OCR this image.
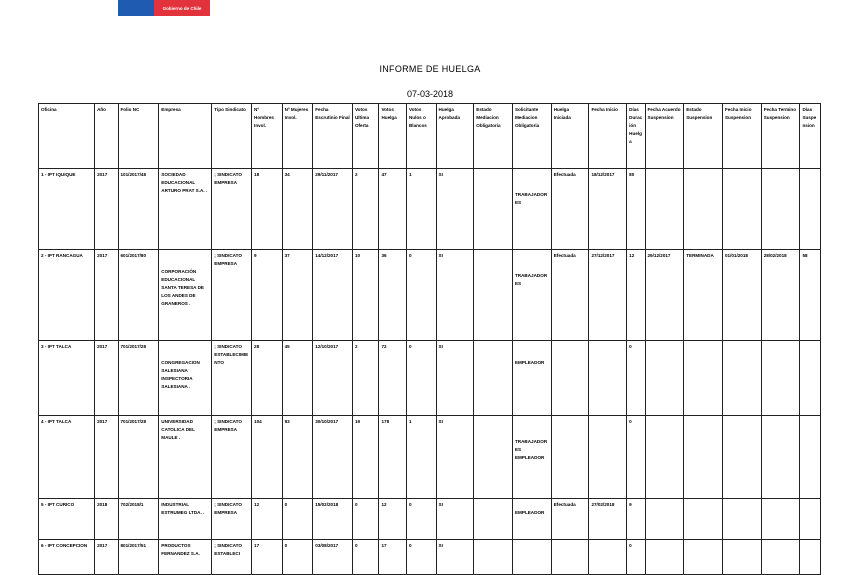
Gobierno de Chile
INFORME DE HUELGA
07-03-2018
Oficina	Año	Folio NC	Empresa	Tipo Sindicato	Nº Hombres Invol.	Nº Mujeres Invol.	Fecha Escrutinio Final	Votos Ultima Oferta	Votos Huelga	Votos Nulos o Blancos	Huelga Aprobada	Estado Mediacion Obligatoria	Solicitante Mediacion Obligatoria	Huelga Iniciada	Fecha Inicio	Días Duración Huelga	Fecha Acuerdo Suspension	Estado Suspension	Fecha Inicio Suspension	Fecha Termino Suspension	Días Suspension
1 - IPT IQUIQUE	2017	101/2017/48	SOCIEDAD EDUCACIONAL ARTURO PRAT S.A. .	; SINDICATO EMPRESA	18	34	29/11/2017	2	47	1	SI		TRABAJADORES	Efectuada	18/12/2017	80					
2 - IPT RANCAGUA	2017	601/2017/80	CORPORACIÓN EDUCACIONAL SANTA TERESA DE LOS ANDES DE GRANEROS .	; SINDICATO EMPRESA	9	37	14/12/2017	10	36	0	SI		TRABAJADORES	Efectuada	27/12/2017	12	29/12/2017	TERMINADA	01/01/2018	28/02/2018	58
3 - IPT TALCA	2017	701/2017/28	CONGREGACION SALESIANA INSPECTORIA SALESIANA .	; SINDICATO ESTABLECIMIENTO	28	45	12/10/2017	2	72	0	SI		EMPLEADOR			0					
4 - IPT TALCA	2017	701/2017/28	UNIVERSIDAD CATOLICA DEL MAULE .	; SINDICATO EMPRESA	104	93	30/10/2017	19	178	1	SI		TRABAJADORES EMPLEADOR			0					
5 - IPT CURICO	2018	702/2018/1	INDUSTRIAL ESTRUMEG LTDA. .	; SINDICATO EMPRESA	12	0	15/02/2018	0	12	0	SI		EMPLEADOR	Efectuada	27/02/2018	9					
6 - IPT CONCEPCION	2017	801/2017/51	PRODUCTOS FERNANDEZ S.A.	; SINDICATO ESTABLECI	17	0	03/08/2017	0	17	0	SI					0					
